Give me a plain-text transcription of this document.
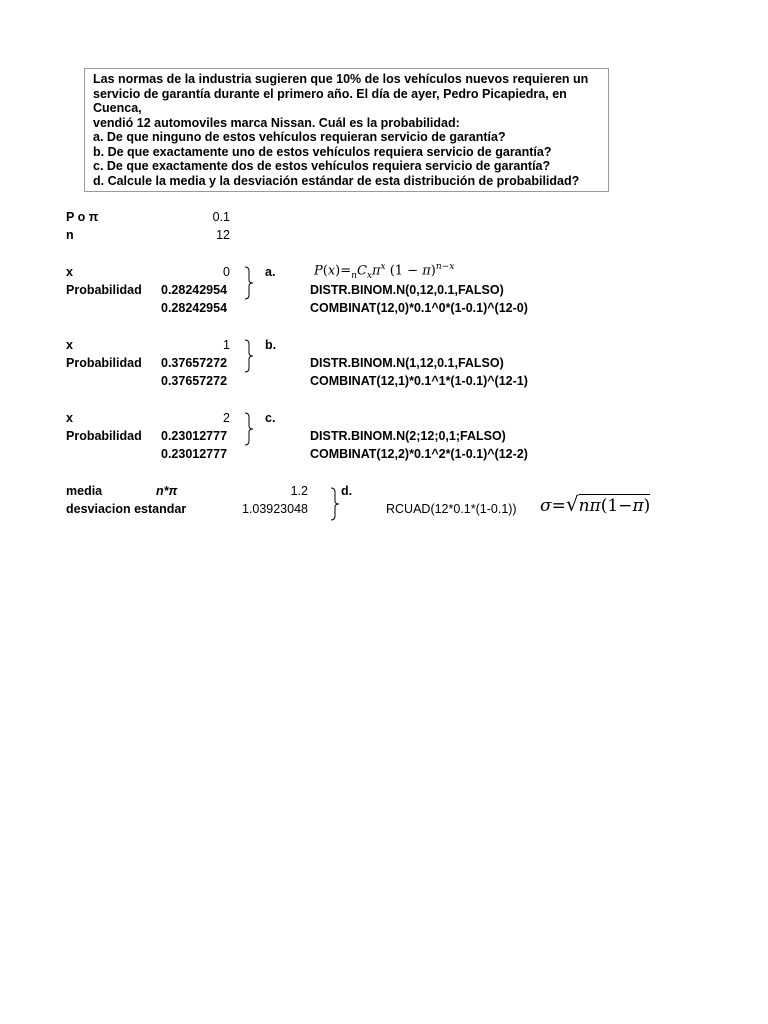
Las normas de la industria sugieren que 10% de los vehículos nuevos requieren un

servicio de garantía durante el primero año. El día de ayer, Pedro Picapiedra, en Cuenca,

vendió 12 automoviles marca Nissan. Cuál es la probabilidad:

a. De que ninguno de estos vehículos requieran servicio de garantía?

b. De que exactamente uno de estos vehículos requiera servicio de garantía?

c. De que exactamente dos de estos vehículos requiera servicio de garantía?

d. Calcule la media y la desviación estándar de esta distribución de probabilidad?

P o π	0.1
n	12
x	0	a.	$P(x)=_nC_x\pi^x$ $(1 - \pi)^{n-x}$
Probabilidad 0.28242954	DISTR.BINOM.N(0,12,0.1,FALSO)
0.28242954	COMBINAT(12,0)*0.1^0*(1-0.1)^(12-0)
x	1	b.
Probabilidad 0.37657272	DISTR.BINOM.N(1,12,0.1,FALSO)
0.37657272	COMBINAT(12,1)*0.1^1*(1-0.1)^(12-1)
x	2	c.
Probabilidad 0.23012777	DISTR.BINOM.N(2;12;0,1;FALSO)
0.23012777	COMBINAT(12,2)*0.1^2*(1-0.1)^(12-2)
media	n*π	1.2	d.
desviacion estandar	1.03923048	RCUAD(12*0.1*(1-0.1)) σ=√nπ(1−π)
